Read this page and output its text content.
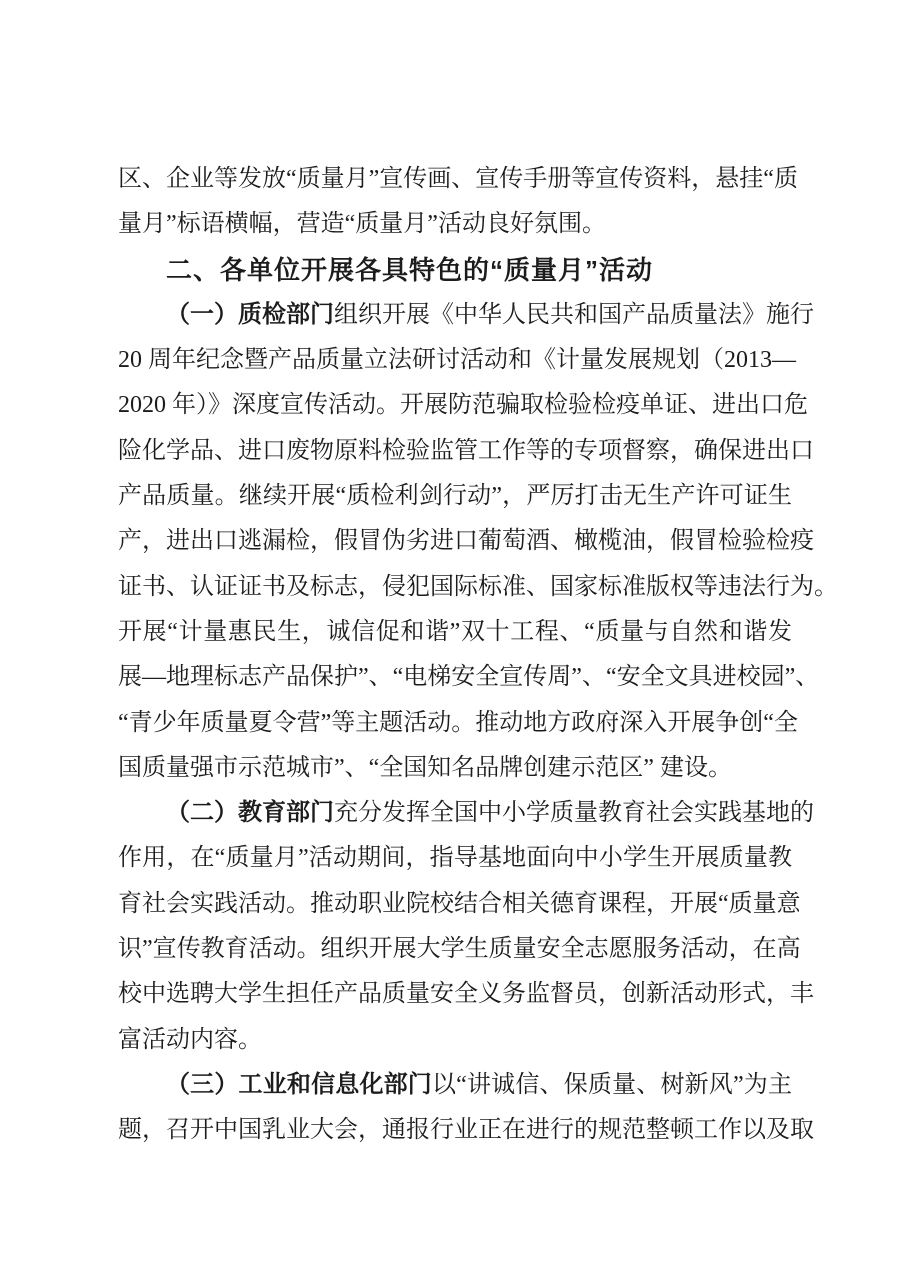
区、企业等发放“质量月”宣传画、宣传手册等宣传资料，悬挂“质
量月”标语横幅，营造“质量月”活动良好氛围。
二、各单位开展各具特色的“质量月”活动
（一）质检部门组织开展《中华人民共和国产品质量法》施行
20 周年纪念暨产品质量立法研讨活动和《计量发展规划（2013—
2020 年）》深度宣传活动。开展防范骗取检验检疫单证、进出口危
险化学品、进口废物原料检验监管工作等的专项督察，确保进出口
产品质量。继续开展“质检利剑行动”，严厉打击无生产许可证生
产，进出口逃漏检，假冒伪劣进口葡萄酒、橄榄油，假冒检验检疫
证书、认证证书及标志，侵犯国际标准、国家标准版权等违法行为。
开展“计量惠民生，诚信促和谐”双十工程、“质量与自然和谐发
展—地理标志产品保护”、“电梯安全宣传周”、“安全文具进校园”、
“青少年质量夏令营”等主题活动。推动地方政府深入开展争创“全
国质量强市示范城市”、“全国知名品牌创建示范区” 建设。
（二）教育部门充分发挥全国中小学质量教育社会实践基地的
作用，在“质量月”活动期间，指导基地面向中小学生开展质量教
育社会实践活动。推动职业院校结合相关德育课程，开展“质量意
识”宣传教育活动。组织开展大学生质量安全志愿服务活动，在高
校中选聘大学生担任产品质量安全义务监督员，创新活动形式，丰
富活动内容。
（三）工业和信息化部门以“讲诚信、保质量、树新风”为主
题，召开中国乳业大会，通报行业正在进行的规范整顿工作以及取
